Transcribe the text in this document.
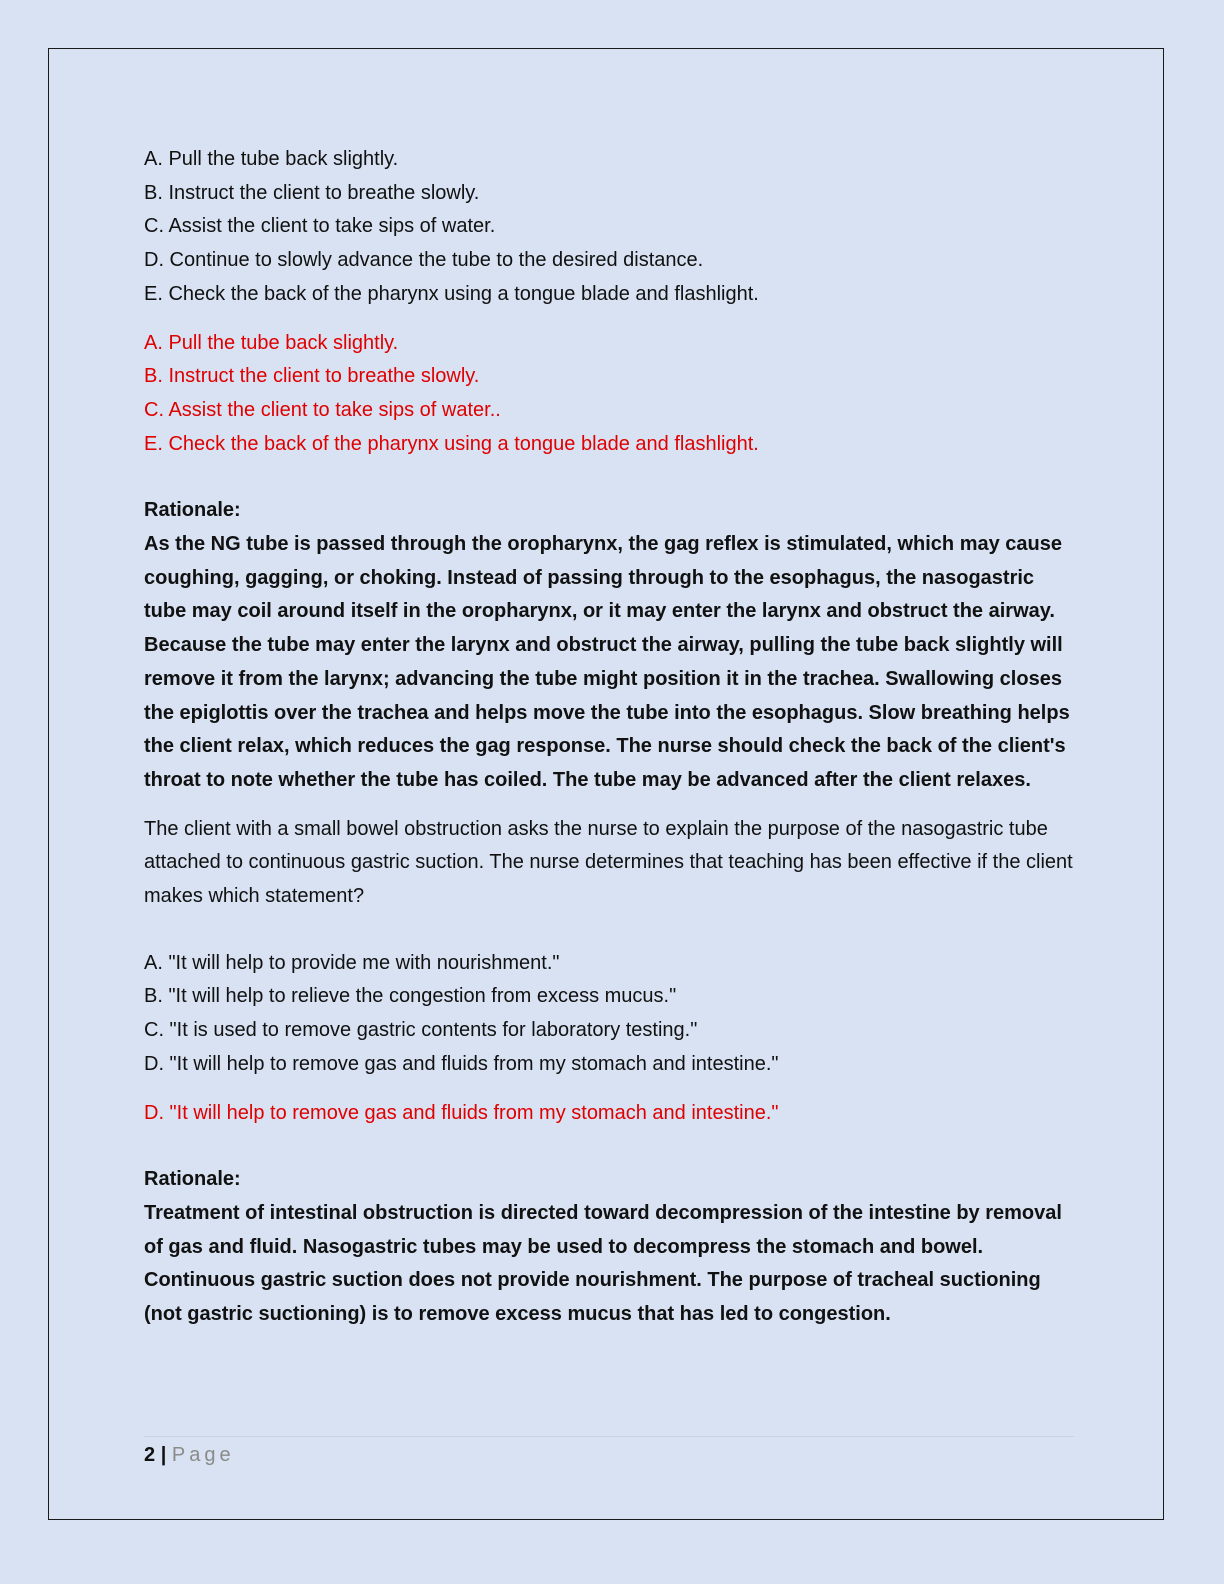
A. Pull the tube back slightly.

B. Instruct the client to breathe slowly.

C. Assist the client to take sips of water.

D. Continue to slowly advance the tube to the desired distance.

E. Check the back of the pharynx using a tongue blade and flashlight.

A. Pull the tube back slightly.

B. Instruct the client to breathe slowly.

C. Assist the client to take sips of water..

E. Check the back of the pharynx using a tongue blade and flashlight.

Rationale:

As the NG tube is passed through the oropharynx, the gag reflex is stimulated, which may cause coughing, gagging, or choking. Instead of passing through to the esophagus, the nasogastric tube may coil around itself in the oropharynx, or it may enter the larynx and obstruct the airway. Because the tube may enter the larynx and obstruct the airway, pulling the tube back slightly will remove it from the larynx; advancing the tube might position it in the trachea. Swallowing closes the epiglottis over the trachea and helps move the tube into the esophagus. Slow breathing helps the client relax, which reduces the gag response. The nurse should check the back of the client's throat to note whether the tube has coiled. The tube may be advanced after the client relaxes.

The client with a small bowel obstruction asks the nurse to explain the purpose of the nasogastric tube attached to continuous gastric suction. The nurse determines that teaching has been effective if the client makes which statement?

A. "It will help to provide me with nourishment."

B. "It will help to relieve the congestion from excess mucus."

C. "It is used to remove gastric contents for laboratory testing."

D. "It will help to remove gas and fluids from my stomach and intestine."

D. "It will help to remove gas and fluids from my stomach and intestine."

Rationale:

Treatment of intestinal obstruction is directed toward decompression of the intestine by removal of gas and fluid. Nasogastric tubes may be used to decompress the stomach and bowel. Continuous gastric suction does not provide nourishment. The purpose of tracheal suctioning (not gastric suctioning) is to remove excess mucus that has led to congestion.

2 | Page
